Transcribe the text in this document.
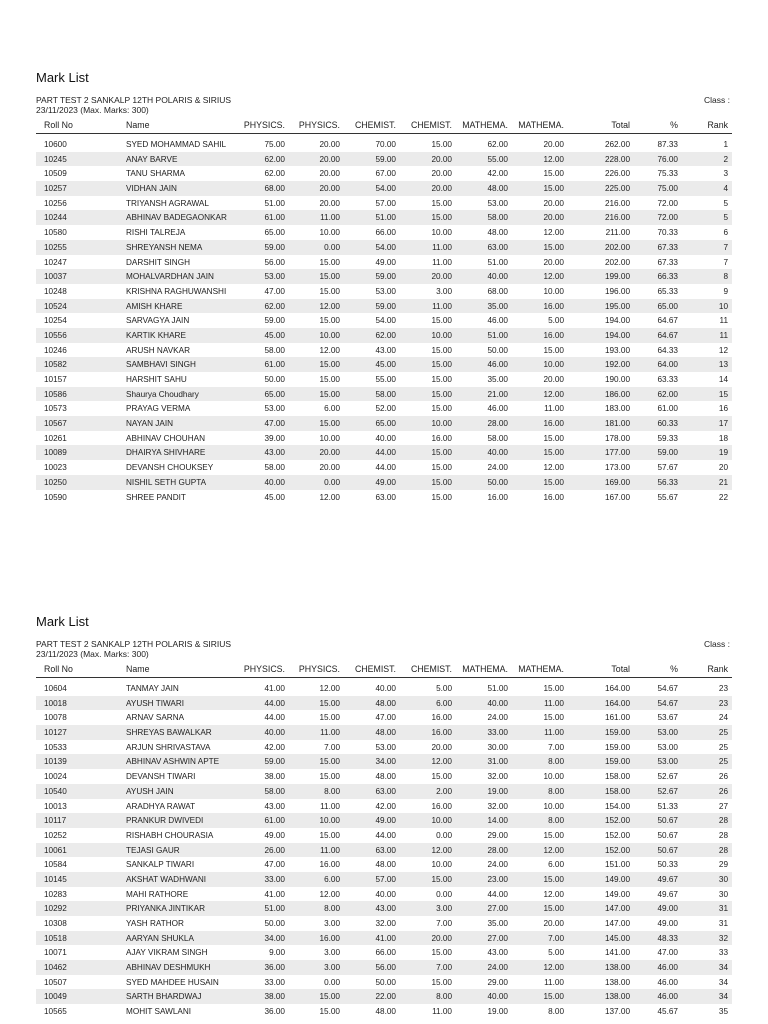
Mark List
PART TEST 2 SANKALP 12TH POLARIS & SIRIUS
23/11/2023 (Max. Marks: 300)
Class :
Roll No	Name	PHYSICS. PHYSICS. CHEMIST. CHEMIST. MATHEMA. MATHEMA.	Total	%	Rank
10600	SYED MOHAMMAD SAHIL	75.00	20.00	70.00	15.00	62.00	20.00	262.00	87.33	1
10245	ANAY BARVE	62.00	20.00	59.00	20.00	55.00	12.00	228.00	76.00	2
10509	TANU SHARMA	62.00	20.00	67.00	20.00	42.00	15.00	226.00	75.33	3
10257	VIDHAN JAIN	68.00	20.00	54.00	20.00	48.00	15.00	225.00	75.00	4
10256	TRIYANSH AGRAWAL	51.00	20.00	57.00	15.00	53.00	20.00	216.00	72.00	5
10244	ABHINAV BADEGAONKAR	61.00	11.00	51.00	15.00	58.00	20.00	216.00	72.00	5
10580	RISHI TALREJA	65.00	10.00	66.00	10.00	48.00	12.00	211.00	70.33	6
10255	SHREYANSH NEMA	59.00	0.00	54.00	11.00	63.00	15.00	202.00	67.33	7
10247	DARSHIT SINGH	56.00	15.00	49.00	11.00	51.00	20.00	202.00	67.33	7
10037	MOHALVARDHAN JAIN	53.00	15.00	59.00	20.00	40.00	12.00	199.00	66.33	8
10248	KRISHNA RAGHUWANSHI	47.00	15.00	53.00	3.00	68.00	10.00	196.00	65.33	9
10524	AMISH KHARE	62.00	12.00	59.00	11.00	35.00	16.00	195.00	65.00	10
10254	SARVAGYA JAIN	59.00	15.00	54.00	15.00	46.00	5.00	194.00	64.67	11
10556	KARTIK KHARE	45.00	10.00	62.00	10.00	51.00	16.00	194.00	64.67	11
10246	ARUSH NAVKAR	58.00	12.00	43.00	15.00	50.00	15.00	193.00	64.33	12
10582	SAMBHAVI SINGH	61.00	15.00	45.00	15.00	46.00	10.00	192.00	64.00	13
10157	HARSHIT SAHU	50.00	15.00	55.00	15.00	35.00	20.00	190.00	63.33	14
10586	Shaurya Choudhary	65.00	15.00	58.00	15.00	21.00	12.00	186.00	62.00	15
10573	PRAYAG VERMA	53.00	6.00	52.00	15.00	46.00	11.00	183.00	61.00	16
10567	NAYAN JAIN	47.00	15.00	65.00	10.00	28.00	16.00	181.00	60.33	17
10261	ABHINAV CHOUHAN	39.00	10.00	40.00	16.00	58.00	15.00	178.00	59.33	18
10089	DHAIRYA SHIVHARE	43.00	20.00	44.00	15.00	40.00	15.00	177.00	59.00	19
10023	DEVANSH CHOUKSEY	58.00	20.00	44.00	15.00	24.00	12.00	173.00	57.67	20
10250	NISHIL SETH GUPTA	40.00	0.00	49.00	15.00	50.00	15.00	169.00	56.33	21
10590	SHREE PANDIT	45.00	12.00	63.00	15.00	16.00	16.00	167.00	55.67	22
Mark List
PART TEST 2 SANKALP 12TH POLARIS & SIRIUS
23/11/2023 (Max. Marks: 300)
Class :
Roll No	Name	PHYSICS. PHYSICS. CHEMIST. CHEMIST. MATHEMA. MATHEMA.	Total	%	Rank
10604	TANMAY JAIN	41.00	12.00	40.00	5.00	51.00	15.00	164.00	54.67	23
10018	AYUSH TIWARI	44.00	15.00	48.00	6.00	40.00	11.00	164.00	54.67	23
10078	ARNAV SARNA	44.00	15.00	47.00	16.00	24.00	15.00	161.00	53.67	24
10127	SHREYAS BAWALKAR	40.00	11.00	48.00	16.00	33.00	11.00	159.00	53.00	25
10533	ARJUN SHRIVASTAVA	42.00	7.00	53.00	20.00	30.00	7.00	159.00	53.00	25
10139	ABHINAV ASHWIN APTE	59.00	15.00	34.00	12.00	31.00	8.00	159.00	53.00	25
10024	DEVANSH TIWARI	38.00	15.00	48.00	15.00	32.00	10.00	158.00	52.67	26
10540	AYUSH JAIN	58.00	8.00	63.00	2.00	19.00	8.00	158.00	52.67	26
10013	ARADHYA RAWAT	43.00	11.00	42.00	16.00	32.00	10.00	154.00	51.33	27
10117	PRANKUR DWIVEDI	61.00	10.00	49.00	10.00	14.00	8.00	152.00	50.67	28
10252	RISHABH CHOURASIA	49.00	15.00	44.00	0.00	29.00	15.00	152.00	50.67	28
10061	TEJASI GAUR	26.00	11.00	63.00	12.00	28.00	12.00	152.00	50.67	28
10584	SANKALP TIWARI	47.00	16.00	48.00	10.00	24.00	6.00	151.00	50.33	29
10145	AKSHAT WADHWANI	33.00	6.00	57.00	15.00	23.00	15.00	149.00	49.67	30
10283	MAHI RATHORE	41.00	12.00	40.00	0.00	44.00	12.00	149.00	49.67	30
10292	PRIYANKA JINTIKAR	51.00	8.00	43.00	3.00	27.00	15.00	147.00	49.00	31
10308	YASH RATHOR	50.00	3.00	32.00	7.00	35.00	20.00	147.00	49.00	31
10518	AARYAN SHUKLA	34.00	16.00	41.00	20.00	27.00	7.00	145.00	48.33	32
10071	AJAY VIKRAM SINGH	9.00	3.00	66.00	15.00	43.00	5.00	141.00	47.00	33
10462	ABHINAV DESHMUKH	36.00	3.00	56.00	7.00	24.00	12.00	138.00	46.00	34
10507	SYED MAHDEE HUSAIN	33.00	0.00	50.00	15.00	29.00	11.00	138.00	46.00	34
10049	SARTH BHARDWAJ	38.00	15.00	22.00	8.00	40.00	15.00	138.00	46.00	34
10565	MOHIT SAWLANI	36.00	15.00	48.00	11.00	19.00	8.00	137.00	45.67	35
